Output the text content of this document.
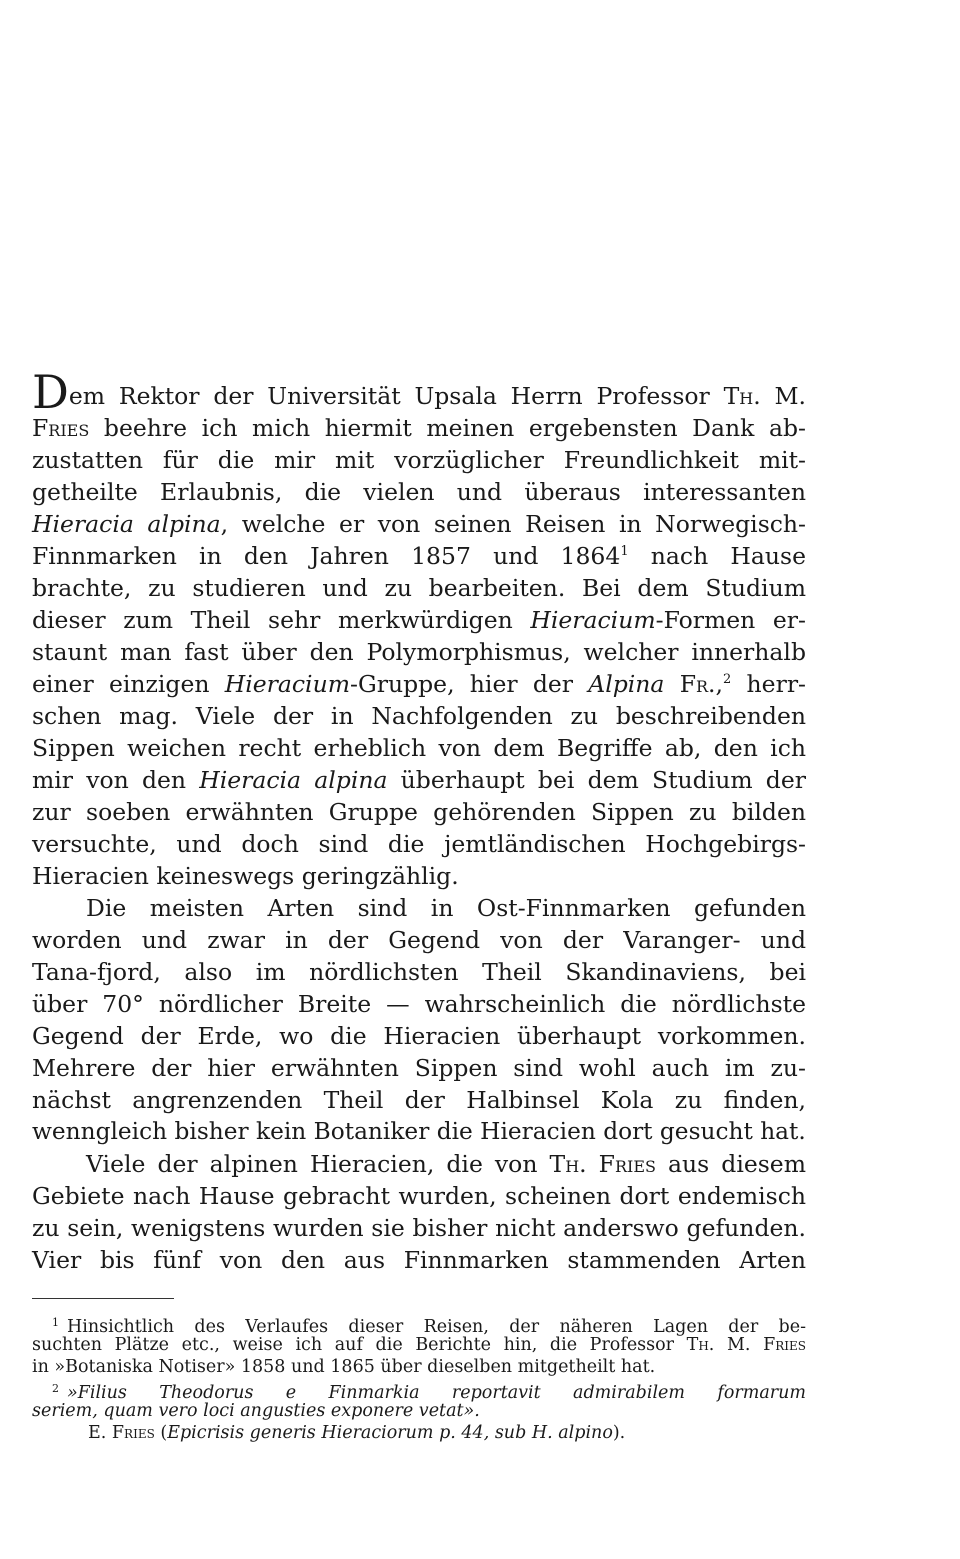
Dem Rektor der Universität Upsala Herrn Professor Th. M.
Fries beehre ich mich hiermit meinen ergebensten Dank ab-
zustatten für die mir mit vorzüglicher Freundlichkeit mit-
getheilte Erlaubnis, die vielen und überaus interessanten
Hieracia alpina, welche er von seinen Reisen in Norwegisch-
Finnmarken in den Jahren 1857 und 1864$^1$ nach Hause
brachte, zu studieren und zu bearbeiten. Bei dem Studium
dieser zum Theil sehr merkwürdigen Hieracium-Formen er-
staunt man fast über den Polymorphismus, welcher innerhalb
einer einzigen Hieracium-Gruppe, hier der Alpina Fr.,$^2$ herr-
schen mag. Viele der in Nachfolgenden zu beschreibenden
Sippen weichen recht erheblich von dem Begriffe ab, den ich
mir von den Hieracia alpina überhaupt bei dem Studium der
zur soeben erwähnten Gruppe gehörenden Sippen zu bilden
versuchte, und doch sind die jemtländischen Hochgebirgs-
Hieracien keineswegs geringzählig.
Die meisten Arten sind in Ost-Finnmarken gefunden
worden und zwar in der Gegend von der Varanger- und
Tana-fjord, also im nördlichsten Theil Skandinaviens, bei
über 70° nördlicher Breite — wahrscheinlich die nördlichste
Gegend der Erde, wo die Hieracien überhaupt vorkommen.
Mehrere der hier erwähnten Sippen sind wohl auch im zu-
nächst angrenzenden Theil der Halbinsel Kola zu finden,
wenngleich bisher kein Botaniker die Hieracien dort gesucht hat.
Viele der alpinen Hieracien, die von Th. Fries aus diesem
Gebiete nach Hause gebracht wurden, scheinen dort endemisch
zu sein, wenigstens wurden sie bisher nicht anderswo gefunden.
Vier bis fünf von den aus Finnmarken stammenden Arten
$^1$ Hinsichtlich des Verlaufes dieser Reisen, der näheren Lagen der be-
suchten Plätze etc., weise ich auf die Berichte hin, die Professor Th. M. Fries
in »Botaniska Notiser» 1858 und 1865 über dieselben mitgetheilt hat.
$^2$ »Filius Theodorus e Finmarkia reportavit admirabilem formarum
seriem, quam vero loci angusties exponere vetat».
E. Fries (Epicrisis generis Hieraciorum p. 44, sub H. alpino).
